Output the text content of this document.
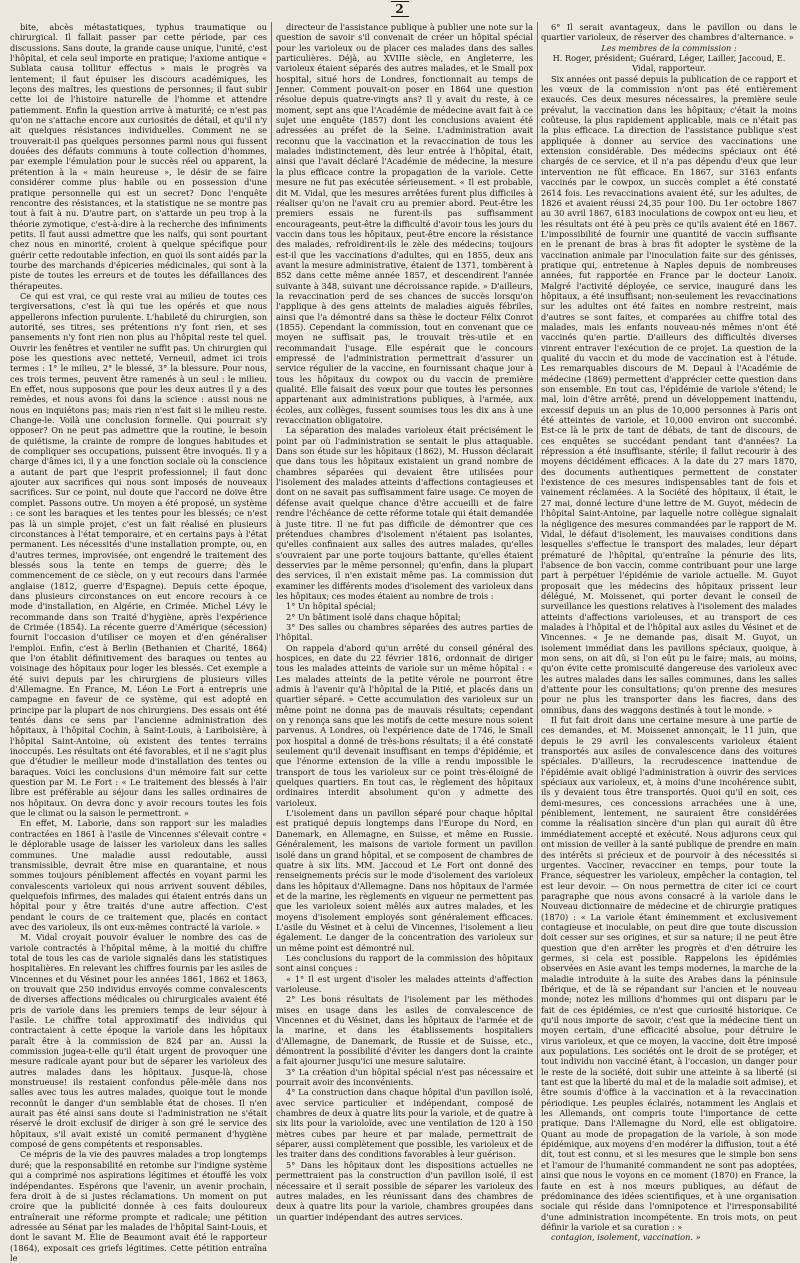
2

bite, abcès métastatiques, typhus traumatique ou chirurgical. Il fallait passer par cette période, par ces discussions. Sans doute, la grande cause unique, l'unité, c'est l'hôpital, et cela seul importe en pratique; l'axiome antique « Sublata causa tollitur effectus » mais le progrès va lentement; il faut épuiser les discours académiques, les leçons des maîtres, les questions de personnes; il faut subir cette loi de l'histoire naturelle de l'homme et attendre patiemment. Enfin la question arrive à maturité; ce n'est pas qu'on ne s'attache encore aux curiosités de détail, et qu'il n'y ait quelques résistances individuelles. Comment ne se trouverait-il pas quelques personnes parmi nous qui fussent douées des défauts communs à toute collection d'hommes, par exemple l'émulation pour le succès réel ou apparent, la prétention à la « main heureuse », le désir de se faire considérer comme plus habile ou en possession d'une pratique personnelle qui est un secret? Donc l'enquête rencontre des résistances, et la statistique ne se montre pas tout à fait à nu. D'autre part, on s'attarde un peu trop à la théorie zymotique, c'est-à-dire à la recherche des infiniments petits. Il faut aussi admettre que les naïfs, qui sont pourtant chez nous en minorité, croient à quelque spécifique pour guérir cette redoutable infection, en quoi ils sont aidés par la tourbe des marchands d'épiceries médicinales, qui sont à la piste de toutes les erreurs et de toutes les défaillances des thérapeutes.

Ce qui est vrai, ce qui reste vrai au milieu de toutes ces tergiversations, c'est là qui tue les opérés et que nous appellerons infection purulente. L'habileté du chirurgien, son autorité, ses titres, ses prétentions n'y font rien, et ses pansements n'y font rien non plus au l'hôpital reste tel quel. Ouvrir les fenêtres et ventiler ne suffit pas. Un chirurgien qui pose les questions avec netteté, Verneuil, admet ici trois termes : 1° le milieu, 2° le blessé, 3° la blessure. Pour nous, ces trois termes, peuvent être ramenés à un seul : le milieu. En effet, nous supposons que pour les deux autres il y a des remèdes, et nous avons foi dans la science : aussi nous ne nous en inquiétons pas; mais rien n'est fait si le milieu reste. Change-le. Voilà une conclusion formelle. Qui pourrait s'y opposer? On ne peut pas admettre que la routine, le besoin de quiétisme, la crainte de rompre de longues habitudes et de compliquer ses occupations, puissent être invoqués. Il y a charge d'âmes ici, il y a une fonction sociale où la conscience a autant de part que l'esprit professionnel; il faut donc ajouter aux sacrifices qui nous sont imposés de nouveaux sacrifices. Sur ce point, nul doute que l'accord ne doive être complet. Passons outre. Un moyen a été proposé, un système : ce sont les baraques et les tentes pour les blessés; ce n'est pas là un simple projet, c'est un fait réalisé en plusieurs circonstances à l'état temporaire, et en certains pays à l'état permanent. Les nécessités d'une installation prompte, ou, en d'autres termes, improvisée, ont engendré le traitement des blessés sous la tente en temps de guerre; dès le commencement de ce siècle, on y eut recours dans l'armée anglaise (1812, guerre d'Espagne). Depuis cette époque, dans plusieurs circonstances on eut encore recours à ce mode d'installation, en Algérie, en Crimée. Michel Lévy le recommande dans son Traité d'hygiène, après l'expérience de Crimée (1854). La récente guerre d'Amérique (sécession) fournit l'occasion d'utiliser ce moyen et d'en généraliser l'emploi. Enfin, c'est à Berlin (Bethanien et Charité, 1864) que l'on établit définitivement des baraques ou tentes au voisinage des hôpitaux pour loger les blessés. Cet exemple a été suivi depuis par les chirurgiens de plusieurs villes d'Allemagne. En France, M. Léon Le Fort a entrepris une campagne en faveur de ce système, qui est adopté en principe par la plupart de nos chirurgiens. Des essais ont été tentés dans ce sens par l'ancienne administration des hôpitaux, à l'hôpital Cochin, à Saint-Louis, à Lariboisière, à l'hôpital Saint-Antoine, où existent des tentes terrains inoccupés. Les résultats ont été favorables, et il ne s'agit plus que d'étudier le meilleur mode d'installation des tentes ou baraques. Voici les conclusions d'un mémoire fait sur cette question par M. Le Fort : « Le traitement des blessés à l'air libre est préférable au séjour dans les salles ordinaires de nos hôpitaux. On devra donc y avoir recours toutes les fois que le climat ou la saison le permettront. »

En effet, M. Laborie, dans son rapport sur les maladies contractées en 1861 à l'asile de Vincennes s'élevait contre « le déplorable usage de laisser les varioleux dans les salles communes. Une maladie aussi redoutable, aussi transmissible, devrait être mise en quarantaine, et nous sommes toujours péniblement affectés en voyant parmi les convalescents varioleux qui nous arrivent souvent débiles, quelquefois infirmes, des malades qui étaient entrés dans un hôpital pour y être traités d'une autre affection. C'est pendant le cours de ce traitement que, placés en contact avec des varioleux, ils ont eux-mêmes contracté la variole. »

M. Vidal croyait pouvoir évaluer le nombre des cas de variole contractés à l'hôpital même, à la moitié du chiffre total de tous les cas de variole signalés dans les statistiques hospitalières. En relevant les chiffres fournis par les asiles de Vincennes et du Vésinet pour les années 1861, 1862 et 1863, on trouvait que 250 individus envoyés comme convalescents de diverses affections médicales ou chirurgicales avaient été pris de variole dans les premiers temps de leur séjour à l'asile. Le chiffre total approximatif des individus qui contractaient à cette époque la variole dans les hôpitaux paraît être à la commission de 824 par an. Aussi la commission jugea-t-elle qu'il était urgent de provoquer une mesure radicale ayant pour but de séparer les varioleux des autres malades dans les hôpitaux. Jusque-là, chose monstrueuse! ils restaient confondus pêle-mêle dans nos salles avec tous les autres malades, quoique tout le monde reconnût le danger d'un semblable état de choses. Il n'en aurait pas été ainsi sans doute si l'administration ne s'était réservé le droit exclusif de diriger à son gré le service des hôpitaux, s'il avait existé un comité permanent d'hygiène composé de gens compétents et responsables.

Ce mépris de la vie des pauvres malades a trop longtemps duré; que la responsabilité en retombe sur l'indigne système qui a comprimé nos aspirations légitimes et étouffé les voix indépendantes. Espérons que l'avenir, un avenir prochain, fera droit à de si justes réclamations. Un moment on put croire que la publicité donnée à ces faits douloureux entraînerait une réforme prompte et radicale; une pétition adressée au Sénat par les malades de l'hôpital Saint-Louis, et dont le savant M. Élie de Beaumont avait été le rapporteur (1864), exposait ces griefs légitimes. Cette pétition entraîna le

directeur de l'assistance publique à publier une note sur la question de savoir s'il convenait de créer un hôpital spécial pour les varioleux ou de placer ces malades dans des salles particulières. Déjà, au XVIIIe siècle, en Angleterre, les varioleux étaient séparés des autres malades, et le Small pox hospital, situé hors de Londres, fonctionnait au temps de Jenner. Comment pouvait-on poser en 1864 une question résolue depuis quatre-vingts ans? Il y avait du reste, à ce moment, sept ans que l'Académie de médecine avait fait à ce sujet une enquête (1857) dont les conclusions avaient été adressées au préfet de la Seine. L'administration avait reconnu que la vaccination et la revaccination de tous les malades indistinctement, dès leur entrée à l'hôpital, était, ainsi que l'avait déclaré l'Académie de médecine, la mesure la plus efficace contre la propagation de la variole. Cette mesure ne fut pas exécutée sérieusement. « Il est probable, dit M. Vidal, que les mesures arrêtées furent plus difficiles à réaliser qu'on ne l'avait cru au premier abord. Peut-être les premiers essais ne furent-ils pas suffisamment encourageants, peut-être la difficulté d'avoir tous les jours du vaccin dans tous les hôpitaux, peut-être encore la résistance des malades, refroidirent-ils le zèle des médecins; toujours est-il que les vaccinations d'adultes, qui en 1855, deux ans avant la mesure administrative, étaient de 1371, tombèrent à 852 dans cette même année 1857, et descendirent l'année suivante à 348, suivant une décroissance rapide. » D'ailleurs, la revaccination perd de ses chances de succès lorsqu'on l'applique à des gens atteints de maladies aiguës fébriles, ainsi que l'a démontré dans sa thèse le docteur Félix Conrot (1855). Cependant la commission, tout en convenant que ce moyen ne suffisait pas, le trouvait très-utile et en recommandait l'usage. Elle espérait que le concours empressé de l'administration permettrait d'assurer un service régulier de la vaccine, en fournissant chaque jour à tous les hôpitaux du cowpox ou du vaccin de première qualité. Elle faisait des vœux pour que toutes les personnes appartenant aux administrations publiques, à l'armée, aux écoles, aux collèges, fussent soumises tous les dix ans à une revaccination obligatoire.

La séparation des malades varioleux était précisément le point par où l'administration se sentait le plus attaquable. Dans son étude sur les hôpitaux (1862), M. Husson déclarait que dans tous les hôpitaux existaient un grand nombre de chambres séparées qui devaient être utilisées pour l'isolement des malades atteints d'affections contagieuses et dont on ne savait pas suffisamment faire usage. Ce moyen de défense avait quelque chance d'être accueilli et de faire rendre l'échéance de cette réforme totale qui était demandée à juste titre. Il ne fut pas difficile de démontrer que ces prétendues chambres d'isolement n'étaient pas isolantes, qu'elles confinaient aux salles des autres malades, qu'elles s'ouvraient par une porte toujours battante, qu'elles étaient desservies par le même personnel; qu'enfin, dans la plupart des services, il n'en existait même pas. La commission dut examiner les différents modes d'isolement des varioleux dans les hôpitaux; ces modes étaient au nombre de trois :

1° Un hôpital spécial;
2° Un bâtiment isolé dans chaque hôpital;
3° Des salles ou chambres séparées des autres parties de l'hôpital.

On rappela d'abord qu'un arrêté du conseil général des hospices, en date du 22 février 1816, ordonnait de diriger tous les malades atteints de variole sur un même hôpital : « Les malades atteints de la petite vérole ne pourront être admis à l'avenir qu'à l'hôpital de la Pitié, et placés dans un quartier séparé. » Cette accumulation des varioleux sur un même point ne donna pas de mauvais résultats; cependant on y renonça sans que les motifs de cette mesure nous soient parvenus. A Londres, où l'expérience date de 1746, le Small pox hospital a donné de très-bons résultats; il a été constaté seulement qu'il devenait insuffisant en temps d'épidémie, et que l'énorme extension de la ville a rendu impossible le transport de tous les varioleux sur ce point très-éloigné de quelques quartiers. En tout cas, le règlement des hôpitaux ordinaires interdit absolument qu'on y admette des varioleux.

L'isolement dans un pavillon séparé pour chaque hôpital est pratiqué depuis longtemps dans l'Europe du Nord, en Danemark, en Allemagne, en Suisse, et même en Russie. Généralement, les maisons de variole forment un pavillon isolé dans un grand hôpital, et se composent de chambres de quatre à six lits. MM. Jaccoud et Le Fort ont donné des renseignements précis sur le mode d'isolement des varioleux dans les hôpitaux d'Allemagne. Dans nos hôpitaux de l'armée et de la marine, les règlements en vigueur ne permettent pas que les varioleux soient mêlés aux autres malades, et les moyens d'isolement employés sont généralement efficaces. L'asile du Vésinet et à celui de Vincennes, l'isolement a lieu également. Le danger de la concentration des varioleux sur un même point est démontré nul.

Les conclusions du rapport de la commission des hôpitaux sont ainsi conçues :

« 1° Il est urgent d'isoler les malades atteints d'affection varioleuse.

2° Les bons résultats de l'isolement par les méthodes mises en usage dans les asiles de convalescence de Vincennes et du Vésinet, dans les hôpitaux de l'armée et de la marine, et dans les établissements hospitaliers d'Allemagne, de Danemark, de Russie et de Suisse, etc., démontrent la possibilité d'éviter les dangers dont la crainte a fait ajourner jusqu'ici une mesure salutaire.

3° La création d'un hôpital spécial n'est pas nécessaire et pourrait avoir des inconvénients.

4° La construction dans chaque hôpital d'un pavillon isolé, avec service particulier et indépendant, composé de chambres de deux à quatre lits pour la variole, et de quatre à six lits pour la varioloïde, avec une ventilation de 120 à 150 mètres cubes par heure et par malade, permettrait de séparer, aussi complètement que possible, les varioleux et de les traiter dans des conditions favorables à leur guérison.

5° Dans les hôpitaux dont les dispositions actuelles ne permettraient pas la construction d'un pavillon isolé, il est nécessaire et il serait possible de séparer les varioleux des autres malades, en les réunissant dans des chambres de deux à quatre lits pour la variole, chambres groupées dans un quartier indépendant des autres services.

6° Il serait avantageux, dans le pavillon ou dans le quartier varioleux, de réserver des chambres d'alternance. »

Les membres de la commission :

H. Roger, président; Guérard, Léger, Lailler, Jaccoud, E. Vidal, rapporteur.

Six années ont passé depuis la publication de ce rapport et les vœux de la commission n'ont pas été entièrement exaucés. Ces deux mesures nécessaires, la première seule prévalut, la vaccination dans les hôpitaux; c'était la moins coûteuse, la plus rapidement applicable, mais ce n'était pas la plus efficace. La direction de l'assistance publique s'est appliquée à donner au service des vaccinations une extension considérable. Des médecins spéciaux ont été chargés de ce service, et il n'a pas dépendu d'eux que leur intervention ne fût efficace. En 1867, sur 3163 enfants vaccinés par le cowpox, un succès complet a été constaté 2614 fois. Les revaccinations avaient été, sur les adultes, de 1826 et avaient réussi 24,35 pour 100. Du 1er octobre 1867 au 30 avril 1867, 6183 inoculations de cowpox ont eu lieu, et les résultats ont été à peu près ce qu'ils avaient été en 1867. L'impossibilité de fournir une quantité de vaccin suffisante en le prenant de bras à bras fit adopter le système de la vaccination animale par l'inoculation faite sur des génisses, pratique qui, entretenue à Naples depuis de nombreuses années, fut rapportée en France par le docteur Lanoix. Malgré l'activité déployée, ce service, inauguré dans les hôpitaux, a été insuffisant; non-seulement les revaccinations sur les adultes ont été faites en nombre restreint, mais d'autres se sont faites, et comparées au chiffre total des malades, mais les enfants nouveau-nés mêmes n'ont été vaccinés qu'en partie. D'ailleurs des difficultés diverses vinrent entraver l'exécution de ce projet. La question de la qualité du vaccin et du mode de vaccination est à l'étude. Les remarquables discours de M. Depaul à l'Académie de médecine (1869) permettent d'apprécier cette question dans son ensemble. En tout cas, l'épidémie de variole s'étend; le mal, loin d'être arrêté, prend un développement inattendu, excessif depuis un an plus de 10,000 personnes à Paris ont été atteintes de variole, et 10,000 environ ont succombé. Est-ce là le prix de tant de débats, de tant de discours, de ces enquêtes se succédant pendant tant d'années? La répression a été insuffisante, stérile; il fallut recourir à des moyens décidément efficaces. A la date du 27 mars 1870, des documents authentiques permettent de constater l'existence de ces mesures indispensables tant de fois et vainement réclamées. A la Société des hôpitaux, il était, le 27 mai, donné lecture d'une lettre de M. Guyot, médecin de l'hôpital Saint-Antoine, par laquelle notre collègue signalait la négligence des mesures commandées par le rapport de M. Vidal, le défaut d'isolement, les mauvaises conditions dans lesquelles s'effectue le transport des malades, leur départ prématuré de l'hôpital, qu'entraîne la pénurie des lits, l'absence de bon vaccin, comme contribuant pour une large part à perpétuer l'épidémie de variole actuelle. M. Guyot proposait que les médecins des hôpitaux prissent leur délégué, M. Moissenet, qui porter devant le conseil de surveillance les questions relatives à l'isolement des malades atteints d'affections varioleuses, et au transport de ces malades à l'hôpital et de l'hôpital aux asiles du Vésinet et de Vincennes. « Je ne demande pas, disait M. Guyot, un isolement immédiat dans les pavillons spéciaux, quoique, à mon sens, on ait dû, si l'on eût pu le faire; mais, au moins, qu'on évite cette promiscuité dangereuse des varioleux avec les autres malades dans les salles communes, dans les salles d'attente pour les consultations; qu'on prenne des mesures pour ne plus les transporter dans les fiacres, dans des omnibus, dans des waggons destinés à tout le monde. »

Il fut fait droit dans une certaine mesure à une partie de ces demandes, et M. Moissenet annonçait, le 11 juin, que depuis le 29 avril les convalescents varioleux étaient transportés aux asiles de convalescence dans des voitures spéciales. D'ailleurs, la recrudescence inattendue de l'épidémie avait obligé l'administration à ouvrir des services spéciaux aux varioleux, et, à moins d'une incohérence subit, ils y devaient tous être transportés. Quoi qu'il en soit, ces demi-mesures, ces concessions arrachées une à une, péniblement, lentement, ne sauraient être considérées comme la réalisation sincère d'un plan qui aurait dû être immédiatement accepté et exécuté. Nous adjurons ceux qui ont mission de veiller à la santé publique de prendre en main des intérêts si précieux et de pourvoir à des nécessités si urgentes. Vacciner, revacciner en temps, pour toute la France, séquestrer les varioleux, empêcher la contagion, tel est leur devoir. — On nous permettra de citer ici ce court paragraphe que nous avons consacré à la variole dans le Nouveau dictionnaire de médecine et de chirurgie pratiques (1870) : « La variole étant éminemment et exclusivement contagieuse et inoculable, on peut dire que toute discussion doit cesser sur ses origines, et sur sa nature; il ne peut être question que d'en arrêter les progrès et d'en détruire les germes, si cela est possible. Rappelons les épidémies observées en Asie avant les temps modernes, la marche de la maladie introduite à la suite des Arabes dans la péninsule Ibérique, et de là se répandant sur l'ancien et le nouveau monde; notez les millions d'hommes qui ont disparu par le fait de ces épidémies, ce n'est que curiosité historique. Ce qu'il nous importe de savoir, c'est que la médecine tient un moyen certain, d'une efficacité absolue, pour détruire le virus varioleux, et que ce moyen, la vaccine, doit être imposé aux populations. Les sociétés ont le droit de se protéger, et tout individu non vacciné étant, à l'occasion, un danger pour le reste de la société, doit subir une atteinte à sa liberté (si tant est que la liberté du mal et de la maladie soit admise), et être soumis d'office à la vaccination et à la revaccination périodique. Les peuples éclairés, notamment les Anglais et les Allemands, ont compris toute l'importance de cette pratique. Dans l'Allemagne du Nord, elle est obligatoire. Quant au mode de propagation de la variole, à son mode épidémique, aux moyens d'en modérer la diffusion, tout a été dit, tout est connu, et si les mesures que le simple bon sens et l'amour de l'humanité commandent ne sont pas adoptées, ainsi que nous le voyons en ce moment (1870) en France, la faute en est à nos mœurs publiques, au défaut de prédominance des idées scientifiques, et à une organisation sociale qui réside dans l'omnipotence et l'irresponsabilité d'une administration incompétente. En trois mots, on peut définir la variole et sa curation : »

contagion, isolement, vaccination. »
